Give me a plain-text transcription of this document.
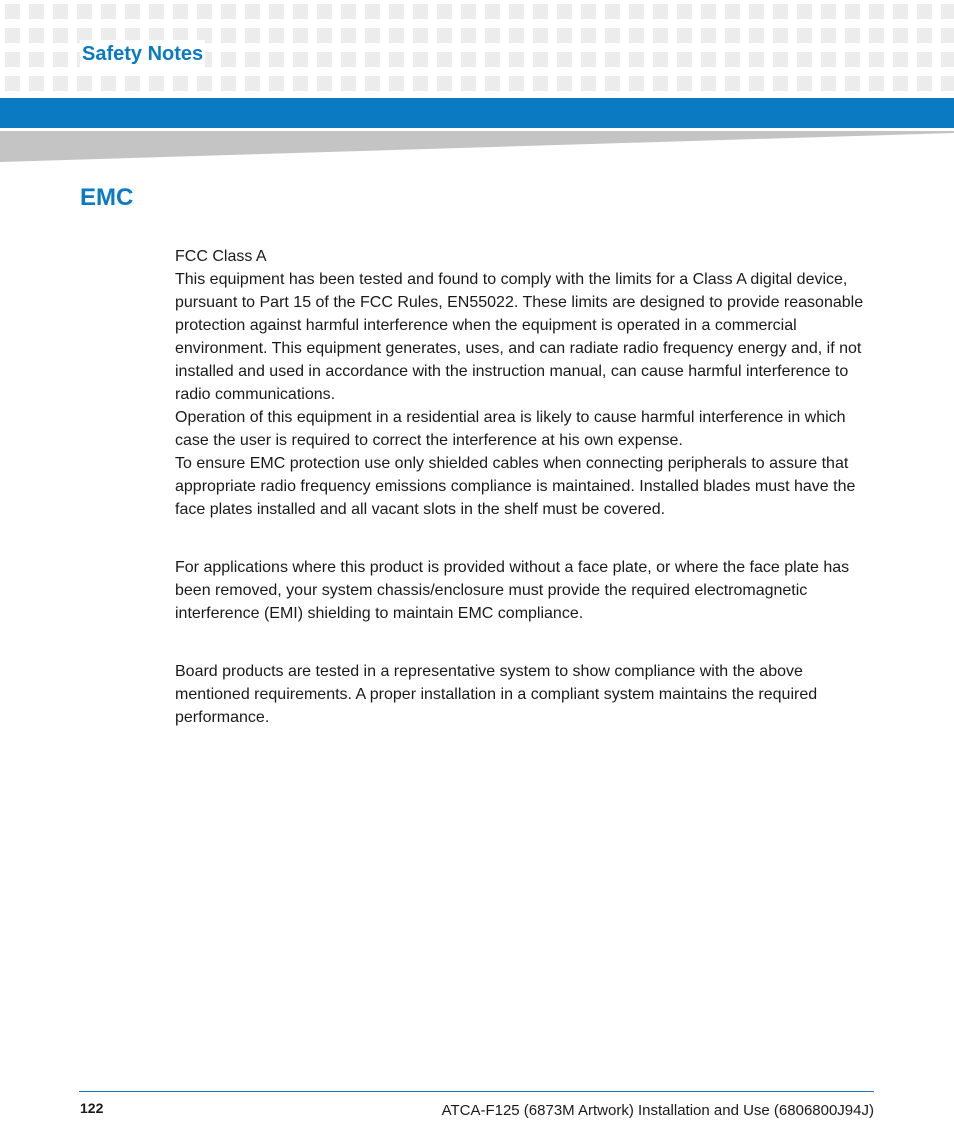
Safety Notes
EMC

FCC Class A

This equipment has been tested and found to comply with the limits for a Class A digital device, pursuant to Part 15 of the FCC Rules, EN55022. These limits are designed to provide reasonable protection against harmful interference when the equipment is operated in a commercial environment. This equipment generates, uses, and can radiate radio frequency energy and, if not installed and used in accordance with the instruction manual, can cause harmful interference to radio communications.

Operation of this equipment in a residential area is likely to cause harmful interference in which case the user is required to correct the interference at his own expense.

To ensure EMC protection use only shielded cables when connecting peripherals to assure that appropriate radio frequency emissions compliance is maintained. Installed blades must have the face plates installed and all vacant slots in the shelf must be covered.

For applications where this product is provided without a face plate, or where the face plate has been removed, your system chassis/enclosure must provide the required electromagnetic interference (EMI) shielding to maintain EMC compliance.

Board products are tested in a representative system to show compliance with the above mentioned requirements. A proper installation in a compliant system maintains the required performance.

122	ATCA-F125 (6873M Artwork) Installation and Use (6806800J94J)
